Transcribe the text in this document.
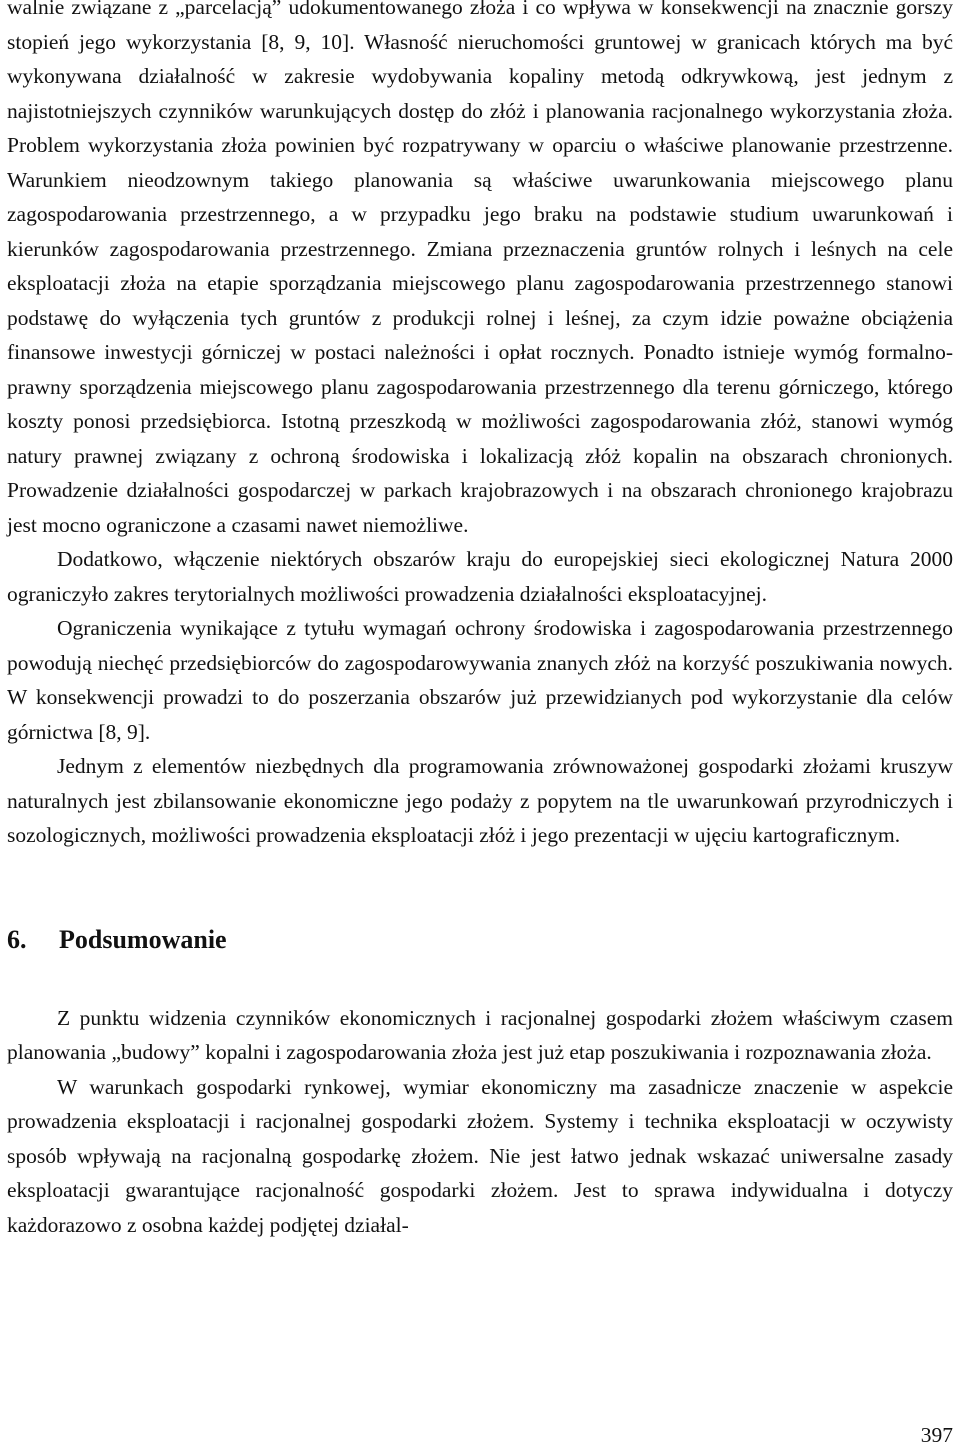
walnie związane z „parcelacją” udokumentowanego złoża i co wpływa w konsekwencji na znacznie gorszy stopień jego wykorzystania [8, 9, 10]. Własność nieruchomości gruntowej w granicach których ma być wykonywana działalność w zakresie wydobywania kopaliny metodą odkrywkową, jest jednym z najistotniejszych czynników warunkujących dostęp do złóż i planowania racjonalnego wykorzystania złoża. Problem wykorzystania złoża powinien być rozpatrywany w oparciu o właściwe planowanie przestrzenne. Warunkiem nieodzownym takiego planowania są właściwe uwarunkowania miejscowego planu zagospodarowania przestrzennego, a w przypadku jego braku na podstawie studium uwarunkowań i kierunków zagospodarowania przestrzennego. Zmiana przeznaczenia gruntów rolnych i leśnych na cele eksploatacji złoża na etapie sporządzania miejscowego planu zagospodarowania przestrzennego stanowi podstawę do wyłączenia tych gruntów z produkcji rolnej i leśnej, za czym idzie poważne obciążenia finansowe inwestycji górniczej w postaci należności i opłat rocznych. Ponadto istnieje wymóg formalno-prawny sporządzenia miejscowego planu zagospodarowania przestrzennego dla terenu górniczego, którego koszty ponosi przedsiębiorca. Istotną przeszkodą w możliwości zagospodarowania złóż, stanowi wymóg natury prawnej związany z ochroną środowiska i lokalizacją złóż kopalin na obszarach chronionych. Prowadzenie działalności gospodarczej w parkach krajobrazowych i na obszarach chronionego krajobrazu jest mocno ograniczone a czasami nawet niemożliwe.

Dodatkowo, włączenie niektórych obszarów kraju do europejskiej sieci ekologicznej Natura 2000 ograniczyło zakres terytorialnych możliwości prowadzenia działalności eksploatacyjnej.

Ograniczenia wynikające z tytułu wymagań ochrony środowiska i zagospodarowania przestrzennego powodują niechęć przedsiębiorców do zagospodarowywania znanych złóż na korzyść poszukiwania nowych. W konsekwencji prowadzi to do poszerzania obszarów już przewidzianych pod wykorzystanie dla celów górnictwa [8, 9].

Jednym z elementów niezbędnych dla programowania zrównoważonej gospodarki złożami kruszyw naturalnych jest zbilansowanie ekonomiczne jego podaży z popytem na tle uwarunkowań przyrodniczych i sozologicznych, możliwości prowadzenia eksploatacji złóż i jego prezentacji w ujęciu kartograficznym.

6.	Podsumowanie

Z punktu widzenia czynników ekonomicznych i racjonalnej gospodarki złożem właściwym czasem planowania „budowy” kopalni i zagospodarowania złoża jest już etap poszukiwania i rozpoznawania złoża.

W warunkach gospodarki rynkowej, wymiar ekonomiczny ma zasadnicze znaczenie w aspekcie prowadzenia eksploatacji i racjonalnej gospodarki złożem. Systemy i technika eksploatacji w oczywisty sposób wpływają na racjonalną gospodarkę złożem. Nie jest łatwo jednak wskazać uniwersalne zasady eksploatacji gwarantujące racjonalność gospodarki złożem. Jest to sprawa indywidualna i dotyczy każdorazowo z osobna każdej podjętej działal-

397
